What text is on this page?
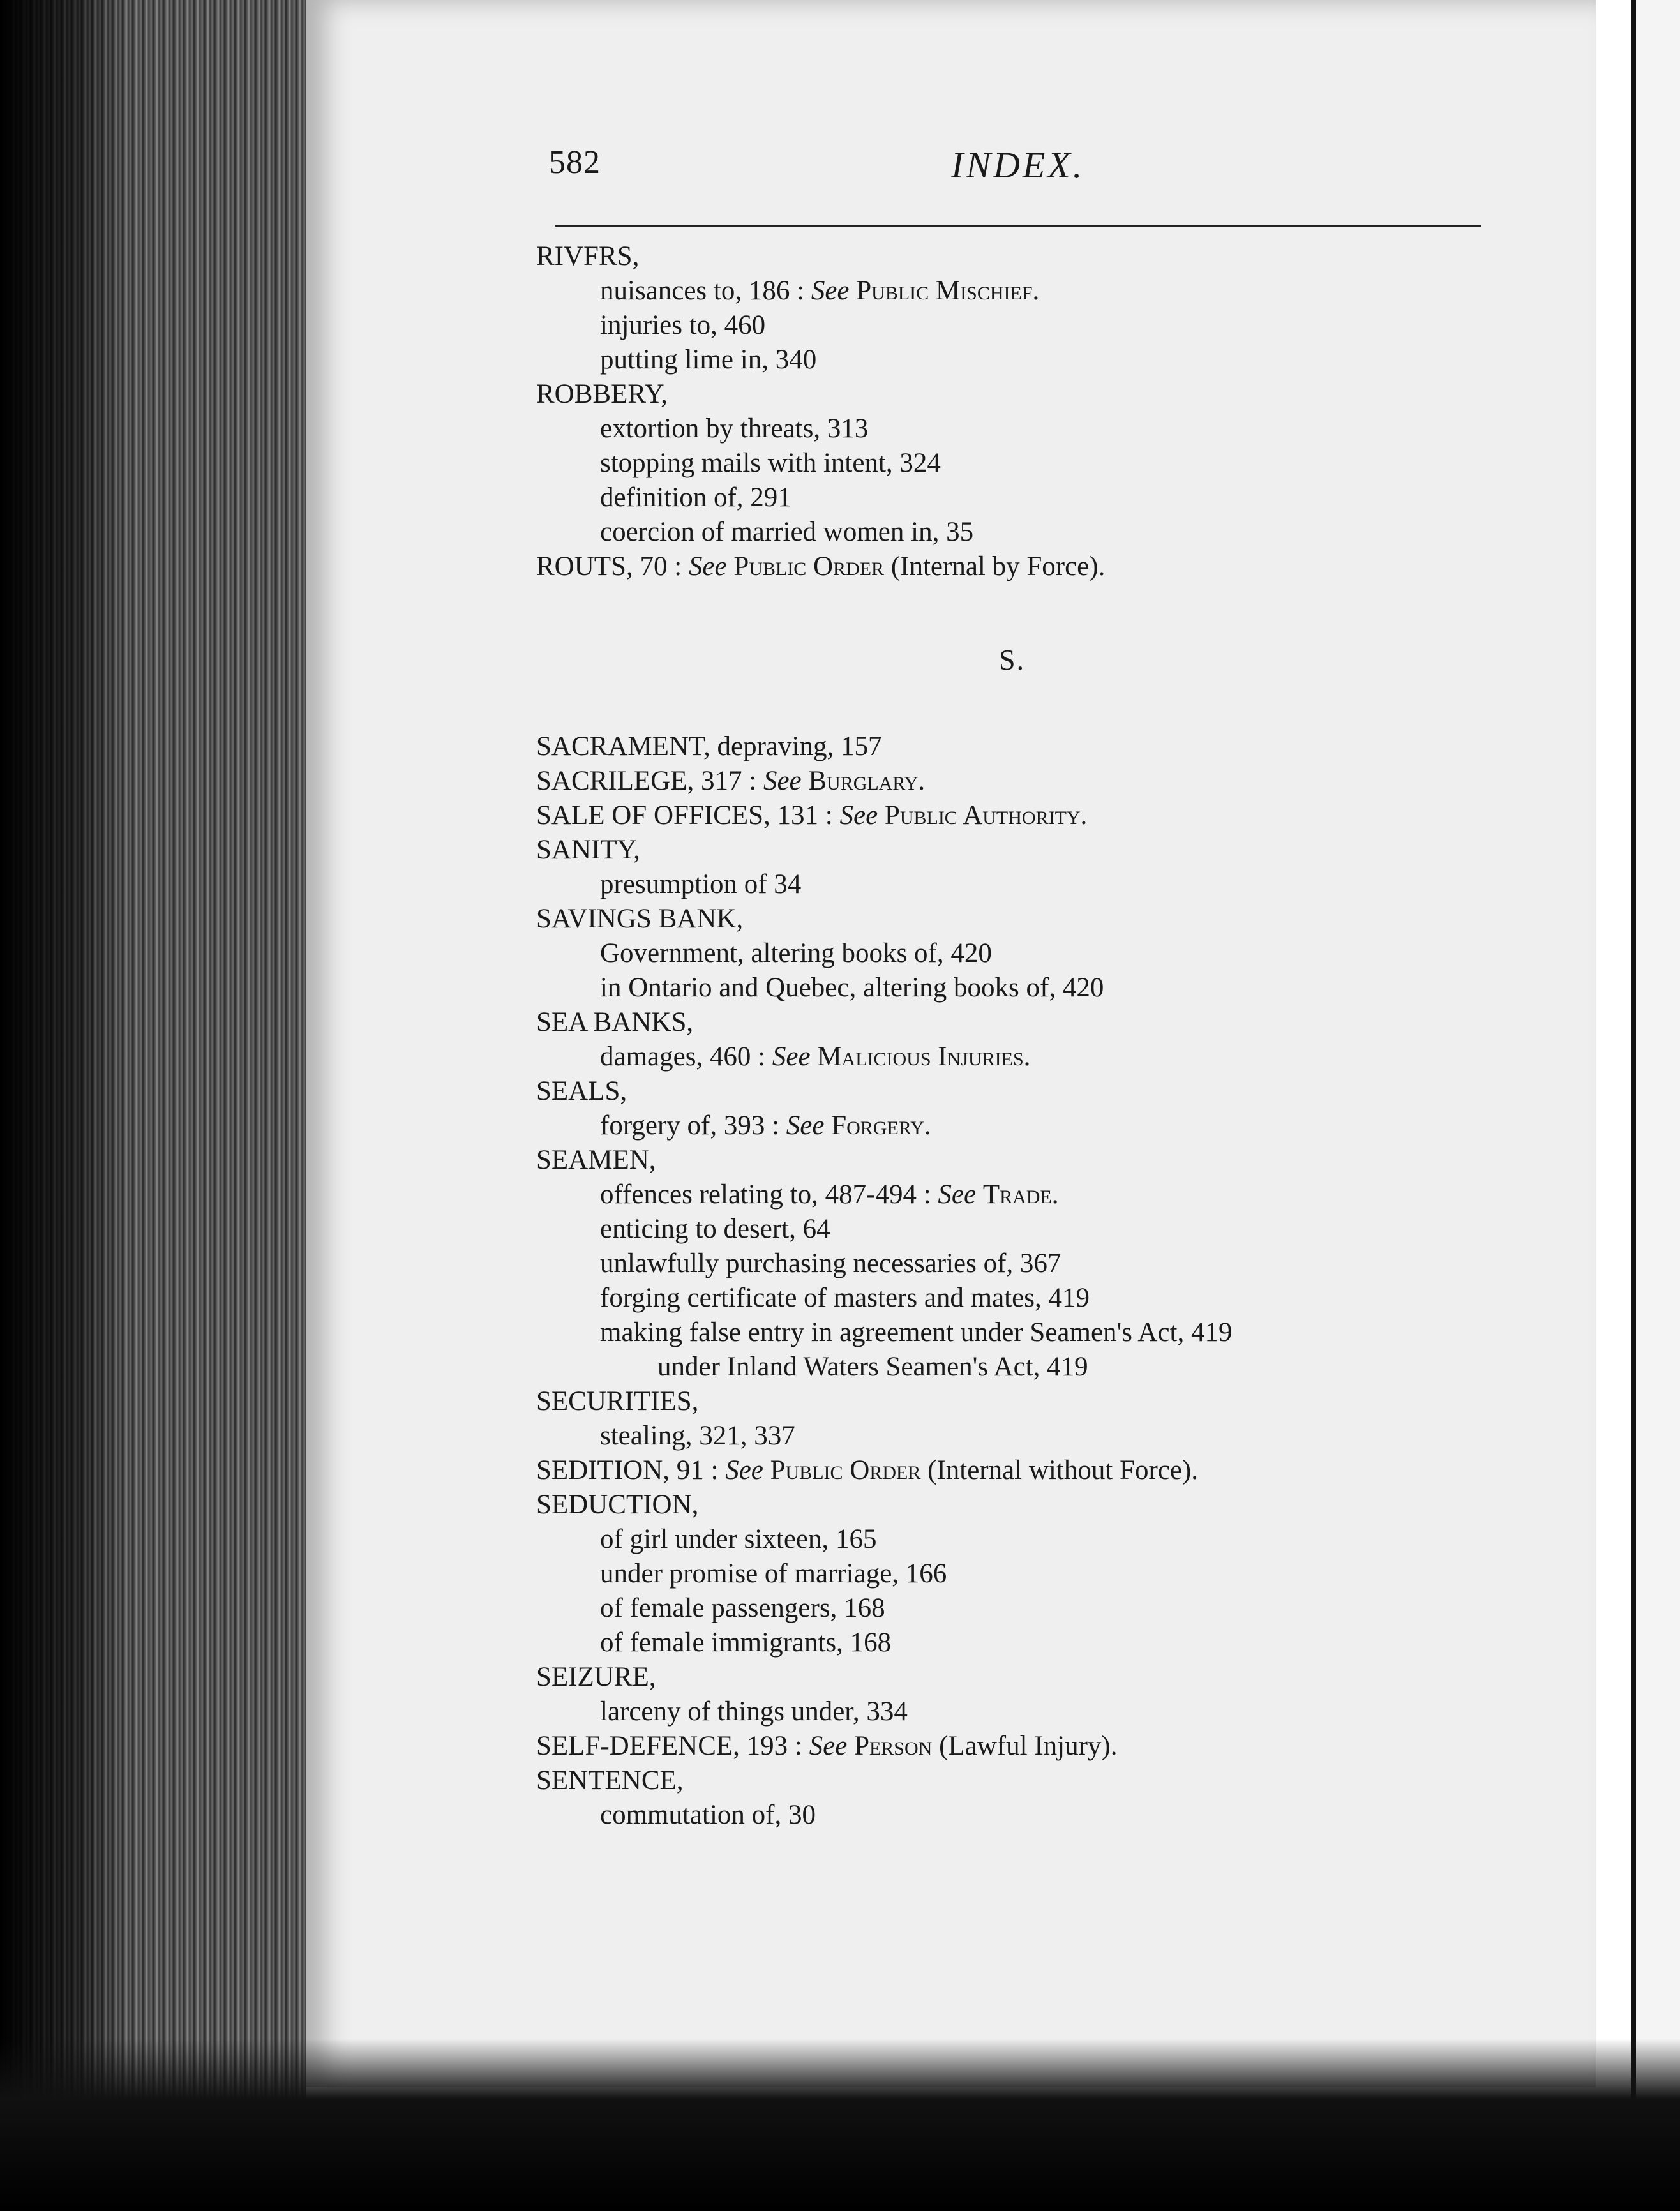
582	INDEX.
RIVFRS,
nuisances to, 186 : See Public Mischief.
injuries to, 460
putting lime in, 340
ROBBERY,
extortion by threats, 313
stopping mails with intent, 324
definition of, 291
coercion of married women in, 35
ROUTS, 70 : See Public Order (Internal by Force).
S.
SACRAMENT, depraving, 157
SACRILEGE, 317 : See Burglary.
SALE OF OFFICES, 131 : See Public Authority.
SANITY,
presumption of 34
SAVINGS BANK,
Government, altering books of, 420
in Ontario and Quebec, altering books of, 420
SEA BANKS,
damages, 460 : See Malicious Injuries.
SEALS,
forgery of, 393 : See Forgery.
SEAMEN,
offences relating to, 487-494 : See Trade.
enticing to desert, 64
unlawfully purchasing necessaries of, 367
forging certificate of masters and mates, 419
making false entry in agreement under Seamen's Act, 419
under Inland Waters Seamen's Act, 419
SECURITIES,
stealing, 321, 337
SEDITION, 91 : See Public Order (Internal without Force).
SEDUCTION,
of girl under sixteen, 165
under promise of marriage, 166
of female passengers, 168
of female immigrants, 168
SEIZURE,
larceny of things under, 334
SELF-DEFENCE, 193 : See Person (Lawful Injury).
SENTENCE,
commutation of, 30
